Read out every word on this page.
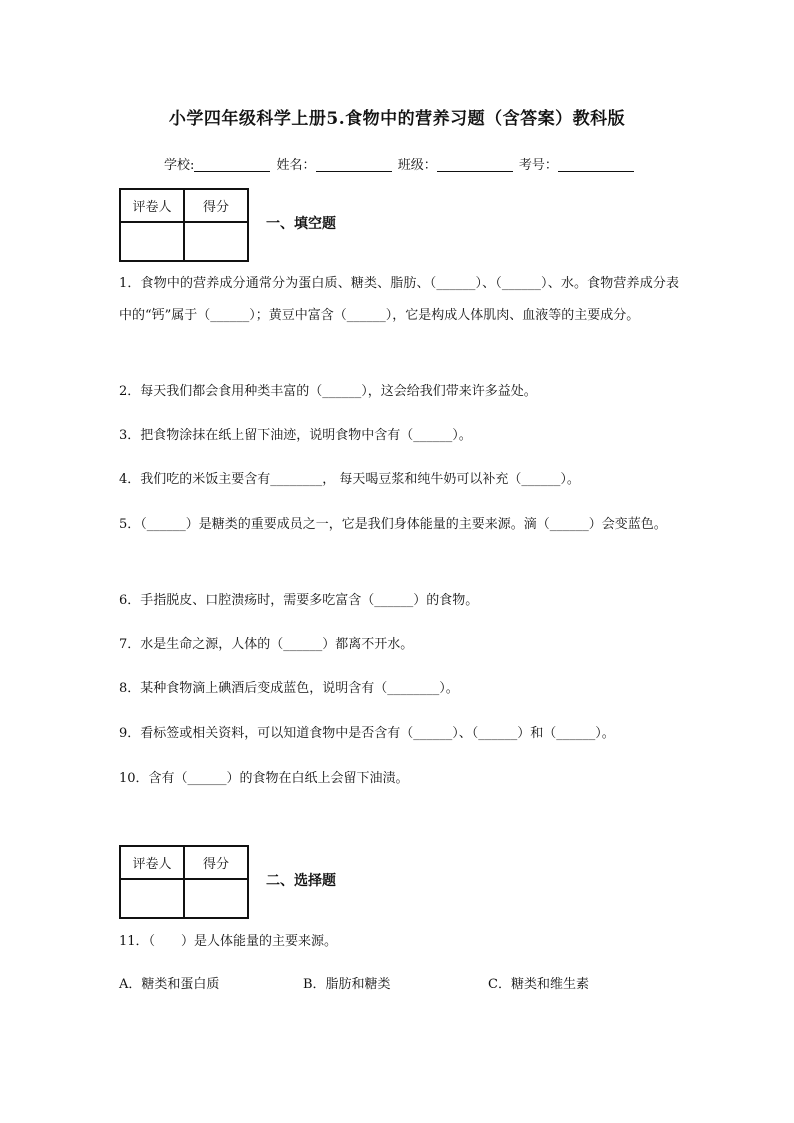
小学四年级科学上册5.食物中的营养习题（含答案）教科版
学校:	姓名：	班级：	考号：
评卷人	得分

一、填空题
1．食物中的营养成分通常分为蛋白质、糖类、脂肪、（______）、（______）、水。食物营养成分表中的“钙”属于（______）；黄豆中富含（______），它是构成人体肌肉、血液等的主要成分。
2．每天我们都会食用种类丰富的（______），这会给我们带来许多益处。
3．把食物涂抹在纸上留下油迹，说明食物中含有（______）。
4．我们吃的米饭主要含有________， 每天喝豆浆和纯牛奶可以补充（______）。
5．（______）是糖类的重要成员之一，它是我们身体能量的主要来源。滴（______）会变蓝色。
6．手指脱皮、口腔溃疡时，需要多吃富含（______）的食物。
7．水是生命之源，人体的（______）都离不开水。
8．某种食物滴上碘酒后变成蓝色，说明含有（________）。
9．看标签或相关资料，可以知道食物中是否含有（______）、（______）和（______）。
10．含有（______）的食物在白纸上会留下油渍。
评卷人	得分

二、选择题
11．（　　）是人体能量的主要来源。
A．糖类和蛋白质	B．脂肪和糖类	C．糖类和维生素
